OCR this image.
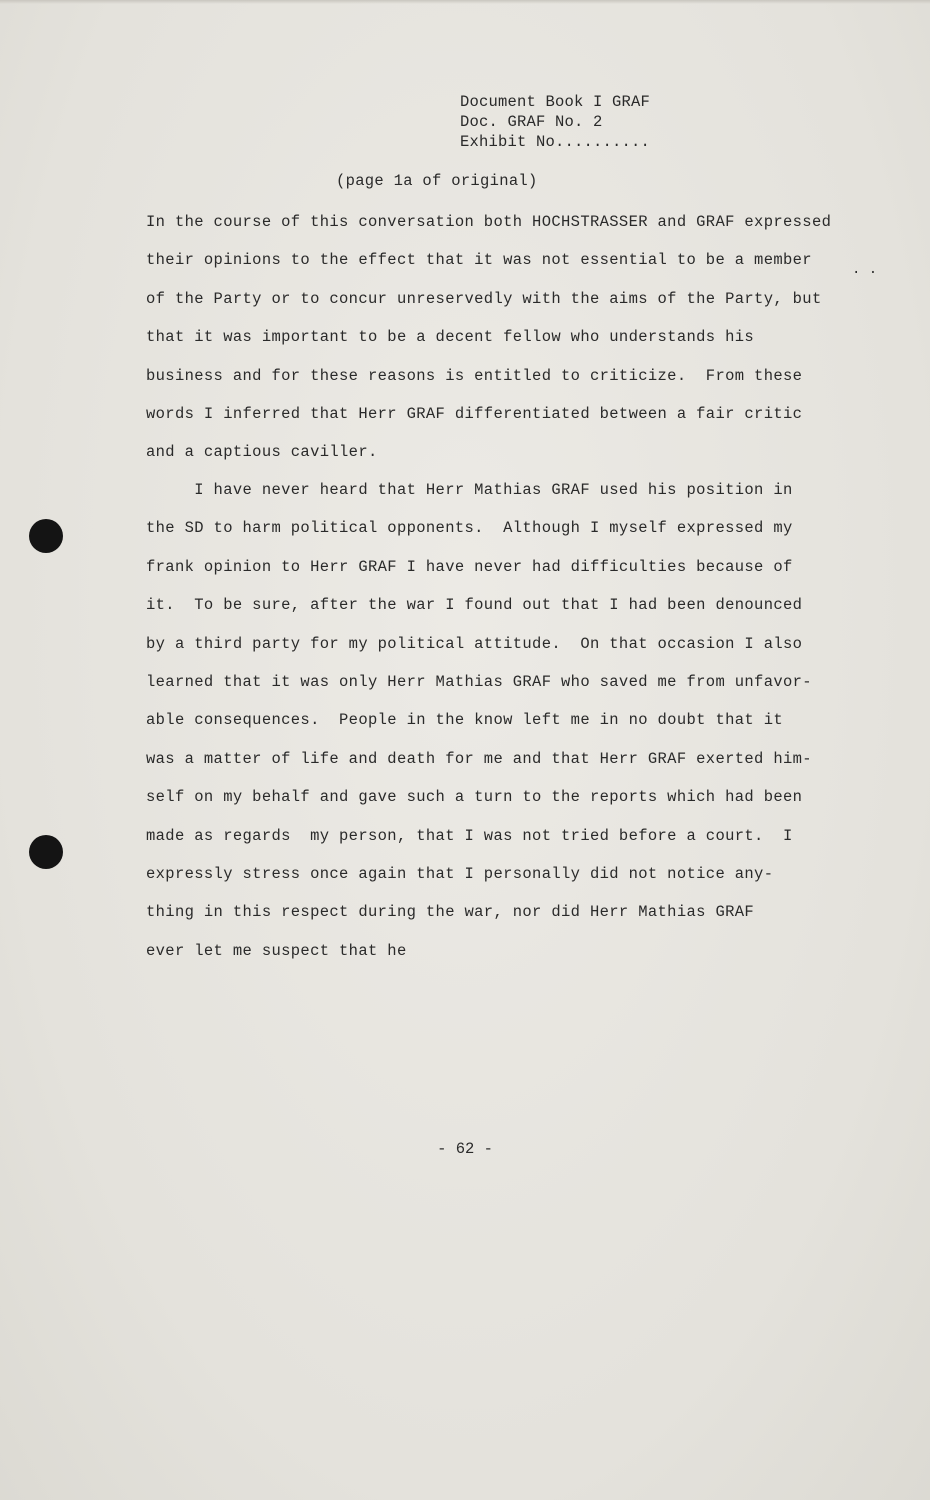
Document Book I GRAF
Doc. GRAF No. 2
Exhibit No..........
(page 1a of original)
. .
In the course of this conversation both HOCHSTRASSER and GRAF expressed
their opinions to the effect that it was not essential to be a member
of the Party or to concur unreservedly with the aims of the Party, but
that it was important to be a decent fellow who understands his
business and for these reasons is entitled to criticize.  From these
words I inferred that Herr GRAF differentiated between a fair critic
and a captious caviller.
I have never heard that Herr Mathias GRAF used his position in
the SD to harm political opponents.  Although I myself expressed my
frank opinion to Herr GRAF I have never had difficulties because of
it.  To be sure, after the war I found out that I had been denounced
by a third party for my political attitude.  On that occasion I also
learned that it was only Herr Mathias GRAF who saved me from unfavor-
able consequences.  People in the know left me in no doubt that it
was a matter of life and death for me and that Herr GRAF exerted him-
self on my behalf and gave such a turn to the reports which had been
made as regards  my person, that I was not tried before a court.  I
expressly stress once again that I personally did not notice any-
thing in this respect during the war, nor did Herr Mathias GRAF
ever let me suspect that he
- 62 -
